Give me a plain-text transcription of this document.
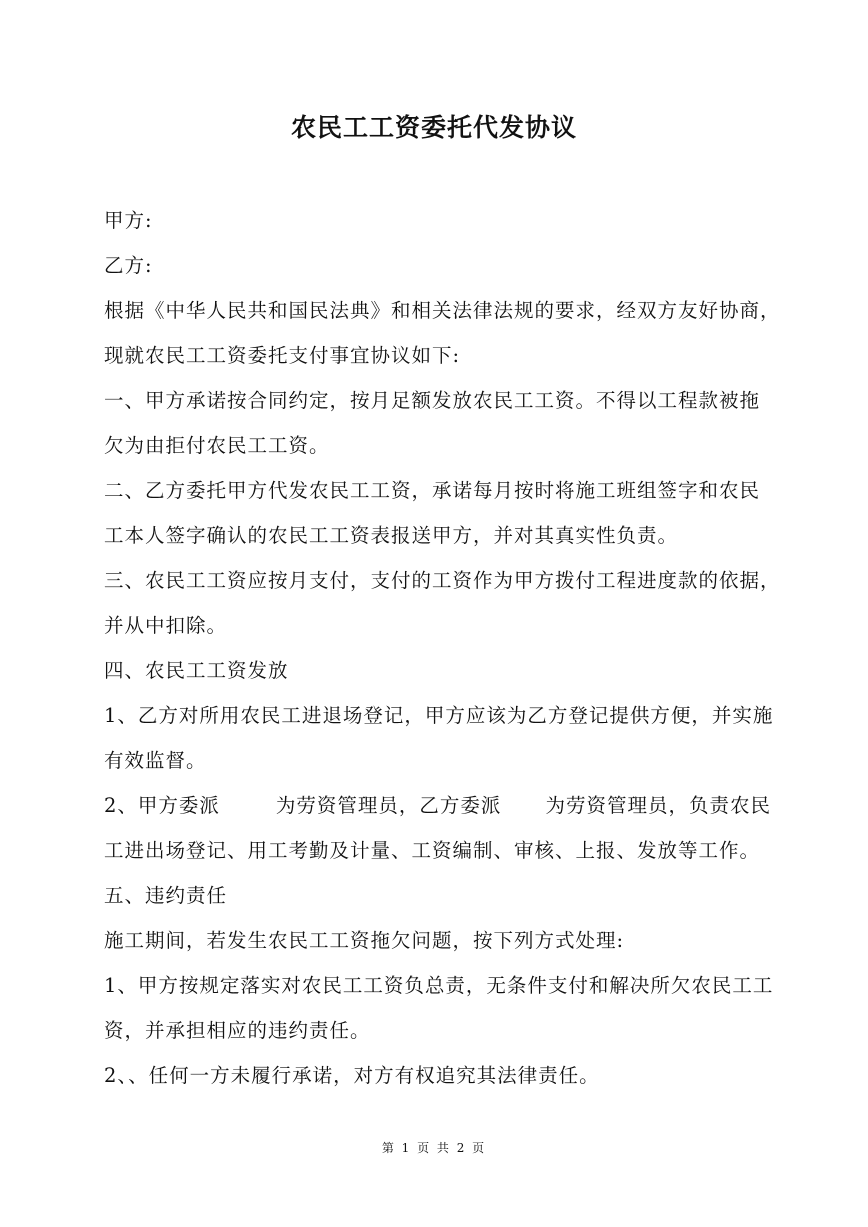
农民工工资委托代发协议
甲方:
乙方:
根据《中华人民共和国民法典》和相关法律法规的要求，经双方友好协商，
现就农民工工资委托支付事宜协议如下:
一、甲方承诺按合同约定，按月足额发放农民工工资。不得以工程款被拖
欠为由拒付农民工工资。
二、乙方委托甲方代发农民工工资，承诺每月按时将施工班组签字和农民
工本人签字确认的农民工工资表报送甲方，并对其真实性负责。
三、农民工工资应按月支付，支付的工资作为甲方拨付工程进度款的依据，
并从中扣除。
四、农民工工资发放
1、乙方对所用农民工进退场登记，甲方应该为乙方登记提供方便，并实施
有效监督。
2、甲方委派	为劳资管理员，乙方委派 为劳资管理员，负责农民
工进出场登记、用工考勤及计量、工资编制、审核、上报、发放等工作。
五、违约责任
施工期间，若发生农民工工资拖欠问题，按下列方式处理:
1、甲方按规定落实对农民工工资负总责，无条件支付和解决所欠农民工工
资，并承担相应的违约责任。
2、、任何一方未履行承诺，对方有权追究其法律责任。
第 1 页 共 2 页
